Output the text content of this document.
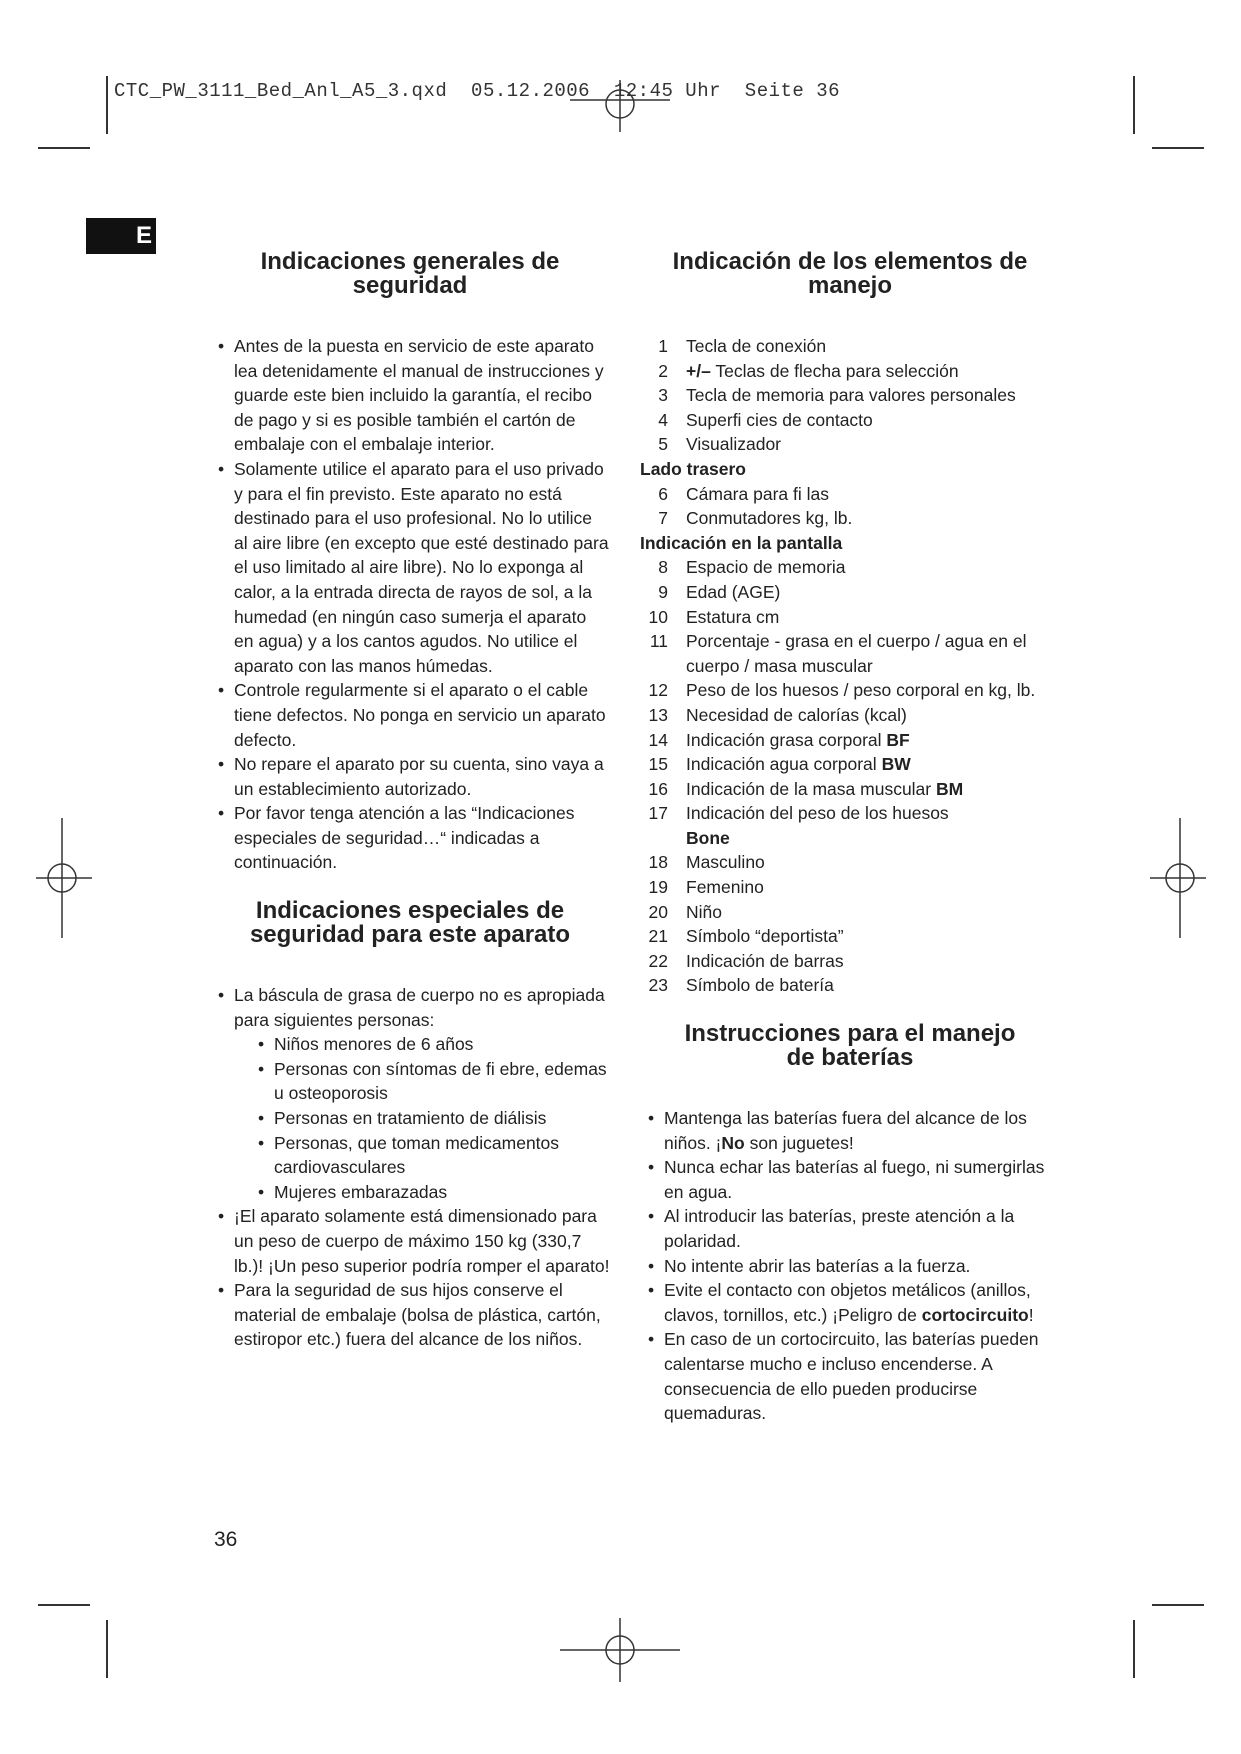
CTC_PW_3111_Bed_Anl_A5_3.qxd  05.12.2006  12:45 Uhr  Seite 36
E
Indicaciones generales de
seguridad
• Antes de la puesta en servicio de este aparato lea detenidamente el manual de instrucciones y guarde este bien incluido la garantía, el recibo de pago y si es posible también el cartón de embalaje con el embalaje interior.
• Solamente utilice el aparato para el uso privado y para el fin previsto. Este aparato no está destinado para el uso profesional. No lo utilice al aire libre (en excepto que esté destinado para el uso limitado al aire libre). No lo exponga al calor, a la entrada directa de rayos de sol, a la humedad (en ningún caso sumerja el aparato en agua) y a los cantos agudos. No utilice el aparato con las manos húmedas.
• Controle regularmente si el aparato o el cable tiene defectos. No ponga en servicio un aparato defecto.
• No repare el aparato por su cuenta, sino vaya a un establecimiento autorizado.
• Por favor tenga atención a las “Indicaciones especiales de seguridad…“ indicadas a continuación.
Indicaciones especiales de
seguridad para este aparato
• La báscula de grasa de cuerpo no es apropiada para siguientes personas:
• Niños menores de 6 años
• Personas con síntomas de fi ebre, edemas u osteoporosis
• Personas en tratamiento de diálisis
• Personas, que toman medicamentos cardiovasculares
• Mujeres embarazadas
• ¡El aparato solamente está dimensionado para un peso de cuerpo de máximo 150 kg (330,7 lb.)! ¡Un peso superior podría romper el aparato!
• Para la seguridad de sus hijos conserve el material de embalaje (bolsa de plástica, cartón, estiropor etc.) fuera del alcance de los niños.
Indicación de los elementos de
manejo
1 Tecla de conexión
2 +/– Teclas de flecha para selección
3 Tecla de memoria para valores personales
4 Superfi cies de contacto
5 Visualizador
Lado trasero
6 Cámara para fi las
7 Conmutadores kg, lb.
Indicación en la pantalla
8 Espacio de memoria
9 Edad (AGE)
10 Estatura cm
11 Porcentaje - grasa en el cuerpo / agua en el cuerpo / masa muscular
12 Peso de los huesos / peso corporal en kg, lb.
13 Necesidad de calorías (kcal)
14 Indicación grasa corporal BF
15 Indicación agua corporal BW
16 Indicación de la masa muscular BM
17 Indicación del peso de los huesos
Bone
18 Masculino
19 Femenino
20 Niño
21 Símbolo “deportista”
22 Indicación de barras
23 Símbolo de batería
Instrucciones para el manejo
de baterías
• Mantenga las baterías fuera del alcance de los niños. ¡No son juguetes!
• Nunca echar las baterías al fuego, ni sumergirlas en agua.
• Al introducir las baterías, preste atención a la polaridad.
• No intente abrir las baterías a la fuerza.
• Evite el contacto con objetos metálicos (anillos, clavos, tornillos, etc.) ¡Peligro de cortocircuito!
• En caso de un cortocircuito, las baterías pueden calentarse mucho e incluso encenderse. A consecuencia de ello pueden producirse quemaduras.
36
